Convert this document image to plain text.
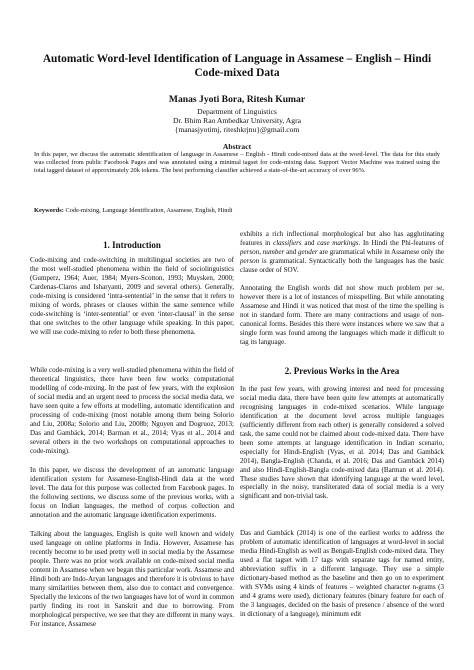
Automatic Word-level Identification of Language in Assamese – English – Hindi Code-mixed Data
Manas Jyoti Bora, Ritesh Kumar
Department of Linguistics
Dr. Bhim Rao Ambedkar University, Agra
{manasjyotimj, riteshkrjnu}@gmail.com
Abstract
In this paper, we discuss the automatic identification of language in Assamese – English - Hindi code-mixed data at the word-level. The data for this study was collected from public Facebook Pages and was annotated using a minimal tagset for code-mixing data. Support Vector Machine was trained using the total tagged dataset of approximately 20k tokens. The best performing classifier achieved a state-of-the-art accuracy of over 96%.
Keywords: Code-mixing, Language Identification, Assamese, English, Hindi
1. Introduction

Code-mixing and code-switching in multilingual societies are two of the most well-studied phenomena within the field of sociolinguistics (Gumperz, 1964; Auer, 1984; Myers-Scotton, 1993; Muysken, 2000; Cardenas-Claros and Isharyanti, 2009 and several others). Generally, code-mixing is considered ‘intra-sentential’ in the sense that it refers to mixing of words, phrases or clauses within the same sentence while code-switching is ‘inter-sentential’ or even ‘inter-clausal’ in the sense that one switches to the other language while speaking. In this paper, we will use code-mixing to refer to both these phenomena.

While code-mixing is a very well-studied phenomena within the field of theoretical linguistics, there have been few works computational modelling of code-mixing. In the past of few years, with the explosion of social media and an urgent need to process the social media data, we have seen quite a few efforts at modelling, automatic identification and processing of code-mixing (most notable among them being Solorio and Liu, 2008a; Solorio and Liu, 2008b; Nguyen and Dogruoz, 2013; Das and Gambäck, 2014; Barman et al., 2014; Vyas et al., 2014 and several others in the two workshops on computational approaches to code-mixing).

In this paper, we discuss the development of an automatic language identification system for Assamese-English-Hindi data at the word level. The data for this purpose was collected from Facebook pages. In the following sections, we discuss some of the previous works, with a focus on Indian languages, the method of corpus collection and annotation and the automatic language identification experiments.

Talking about the languages, English is quite well known and widely used language on online platforms in India. However, Assamese has recently become to be used pretty well in social media by the Assamese people. There was no prior work available on code-mixed social media content in Assamese when we began this particular work. Assamese and Hindi both are Indo-Aryan languages and therefore it is obvious to have many similarities between them, also due to contact and convergence. Specially the lexicons of the two languages have lot of word in common partly finding its root in Sanskrit and due to borrowing. From morphological perspective, we see that they are different in many ways. For instance, Assamese

exhibits a rich inflectional morphological but also has agglutinating features in classifiers and case markings. In Hindi the Phi-features of person, number and gender are grammatical while in Assamese only the person is grammatical. Syntactically both the languages has the basic clause order of SOV.

Annotating the English words did not show much problem per se, however there is a lot of instances of misspelling. But while annotating Assamese and Hindi it was noticed that most of the time the spelling is not in standard form. There are many contractions and usage of non-canonical forms. Besides this there were instances where we saw that a single form was found among the languages which made it difficult to tag its language.

2. Previous Works in the Area

In the past few years, with growing interest and need for processing social media data, there have been quite few attempts at automatically recognising languages in code-mixed scenarios. While language identification at the document level across multiple languages (sufficiently different from each other) is generally considered a solved task, the same could not be claimed about code-mixed data. There have been some attempts at language identification in Indian scenario, especially for Hindi-English (Vyas, et al. 2014; Das and Gambäck 2014), Bangla-English (Chanda, et al. 2016; Das and Gambäck 2014) and also Hindi-English-Bangla code-mixed data (Barman et al. 2014). These studies have shown that identifying language at the word level, especially in the noisy, transliterated data of social media is a very significant and non-trivial task.

Das and Gambäck (2014) is one of the earliest works to address the problem of automatic identification of languages at word-level in social media Hindi-English as well as Bengali-English code-mixed data. They used a flat tagset with 17 tags with separate tags for named entity, abbreviation suffix in a different language. They use a simple dictionary-based method as the baseline and then go on to experiment with SVMs using 4 kinds of features – weighted character n-grams (3 and 4 grams were used), dictionary features (binary feature for each of the 3 languages, decided on the basis of presence / absence of the word in dictionary of a language), minimum edit
